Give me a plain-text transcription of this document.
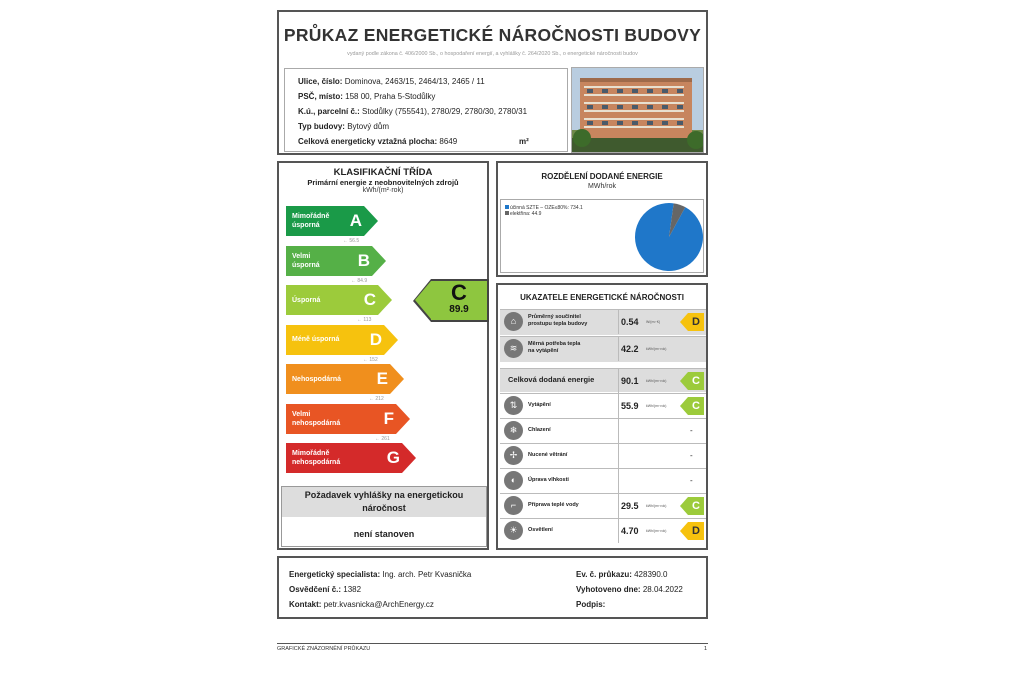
PRŮKAZ ENERGETICKÉ NÁROČNOSTI BUDOVY
vydaný podle zákona č. 406/2000 Sb., o hospodaření energií, a vyhlášky č. 264/2020 Sb., o energetické náročnosti budov
Ulice, číslo: Dominova, 2463/15, 2464/13, 2465 / 11
PSČ, místo: 158 00, Praha 5-Stodůlky
K.ú., parcelní č.: Stodůlky (755541), 2780/29, 2780/30, 2780/31
Typ budovy: Bytový dům
Celková energeticky vztažná plocha: 8649	m²
KLASIFIKAČNÍ TŘÍDA
Primární energie z neobnovitelných zdrojů
kWh/(m²·rok)
Mimořádně
úsporná	A
← 56.5
Velmi
úsporná B
← 84.9
Úsporná	C
← 113
Méně úsporná D
← 152
Nehospodárná E
← 212
Velmi
nehospodárná	F
← 261
Mimořádně
nehospodárná	G
Požadavek vyhlášky na energetickou náročnost
není stanoven
C
89.9
ROZDĚLENÍ DODANÉ ENERGIE
MWh/rok
účinná SZTE – OZE≤80%: 734.1
elektřina: 44.9
UKAZATELE ENERGETICKÉ NÁROČNOSTI
⌂	Průměrný součinitel
prostupu tepla budovy	0.54 W/(m²·K)	D
≋	Měrná potřeba tepla
na vytápění	42.2 kWh/(m²·rok)
Celková dodaná energie	90.1 kWh/(m²·rok)	C
⇅	Vytápění	55.9 kWh/(m²·rok)	C
❄	Chlazení	-
✢	Nucené větrání	-
◐	Úprava vlhkosti	-
⌐	Příprava teplé vody	29.5 kWh/(m²·rok)	C
☀	Osvětlení	4.70 kWh/(m²·rok)	D
Energetický specialista: Ing. arch. Petr Kvasnička
Osvědčení č.: 1382
Kontakt: petr.kvasnicka@ArchEnergy.cz
Ev. č. průkazu: 428390.0
Vyhotoveno dne: 28.04.2022
Podpis:
GRAFICKÉ ZNÁZORNĚNÍ PRŮKAZU	1
